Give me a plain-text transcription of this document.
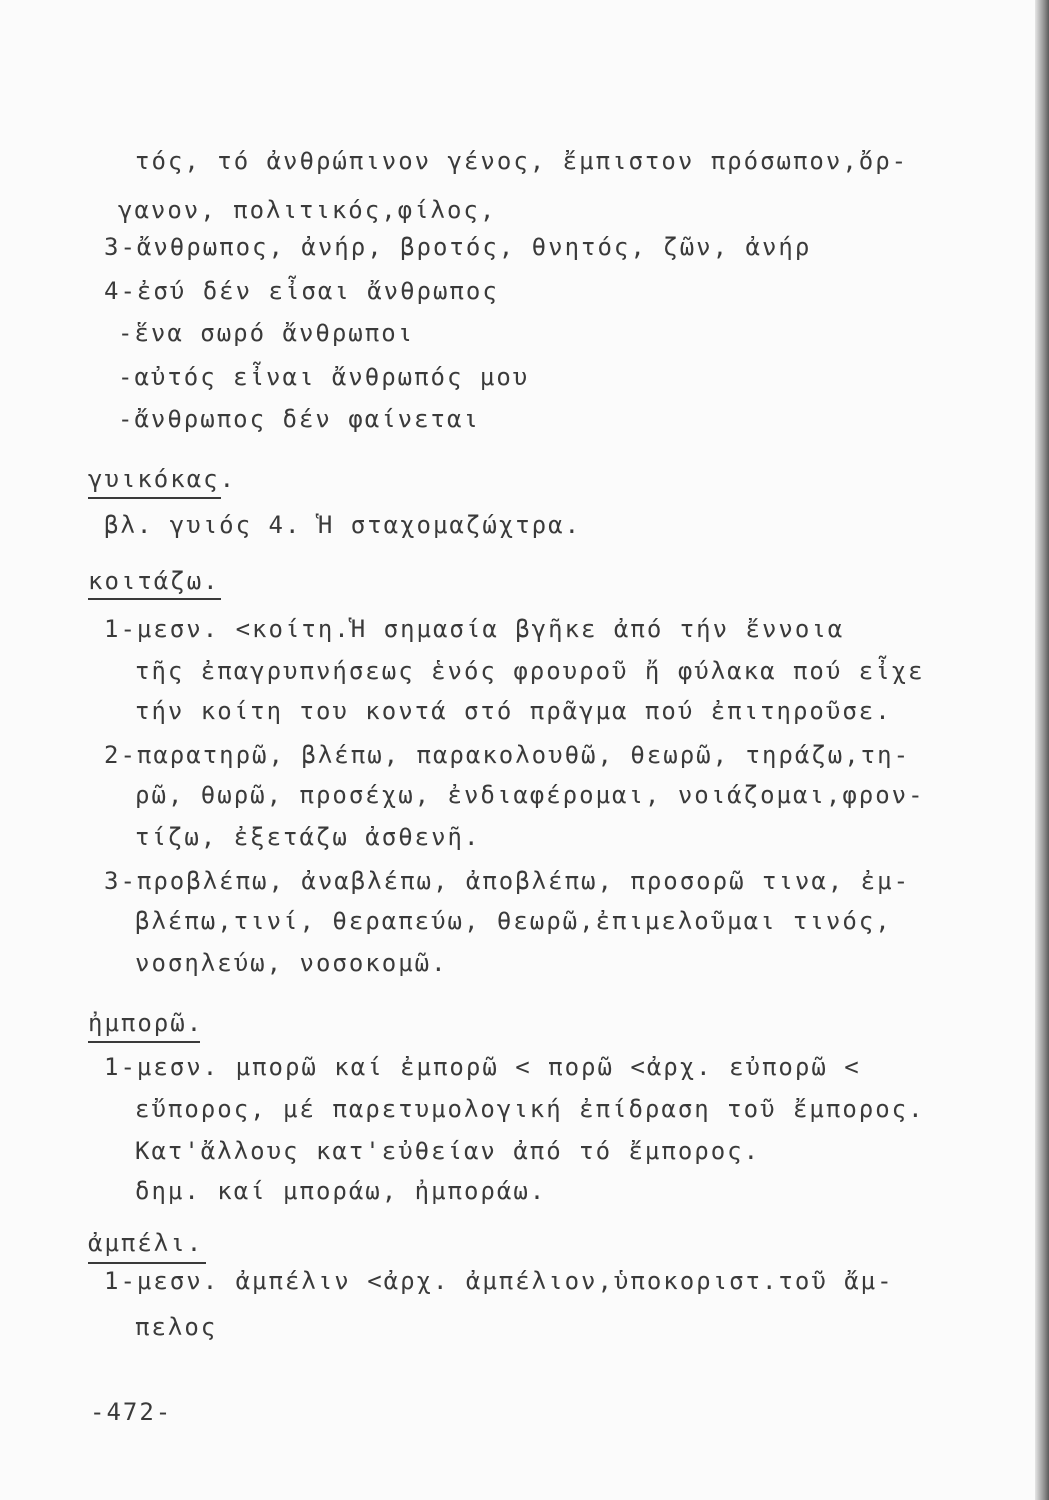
τός, τό ἀνθρώπινον γένος, ἔμπιστον πρόσωπον,ὄρ-
γανον, πολιτικός,φίλος,
3-ἄνθρωπος, ἀνήρ, βροτός, θνητός, ζῶν, ἀνήρ
4-ἐσύ δέν εἶσαι ἄνθρωπος
-ἕνα σωρό ἄνθρωποι
-αὐτός εἶναι ἄνθρωπός μου
-ἄνθρωπος δέν φαίνεται
γυικόκας.
βλ. γυιός 4. Ἡ σταχομαζώχτρα.
κοιτάζω.
1-μεσν. <κοίτη.Ἡ σημασία βγῆκε ἀπό τήν ἔννοια
τῆς ἐπαγρυπνήσεως ἑνός φρουροῦ ἤ φύλακα πού εἶχε
τήν κοίτη του κοντά στό πρᾶγμα πού ἐπιτηροῦσε.
2-παρατηρῶ, βλέπω, παρακολουθῶ, θεωρῶ, τηράζω,τη-
ρῶ, θωρῶ, προσέχω, ἐνδιαφέρομαι, νοιάζομαι,φρον-
τίζω, ἐξετάζω ἀσθενῆ.
3-προβλέπω, ἀναβλέπω, ἀποβλέπω, προσορῶ τινα, ἐμ-
βλέπω,τινί, θεραπεύω, θεωρῶ,ἐπιμελοῦμαι τινός,
νοσηλεύω, νοσοκομῶ.
ἠμπορῶ.
1-μεσν. μπορῶ καί ἐμπορῶ < πορῶ <ἀρχ. εὐπορῶ <
εὔπορος, μέ παρετυμολογική ἐπίδραση τοῦ ἔμπορος.
Κατ'ἄλλους κατ'εὐθείαν ἀπό τό ἔμπορος.
δημ. καί μποράω, ἠμποράω.
ἀμπέλι.
1-μεσν. ἀμπέλιν <ἀρχ. ἀμπέλιον,ὑποκοριστ.τοῦ ἄμ-
πελος
-472-
